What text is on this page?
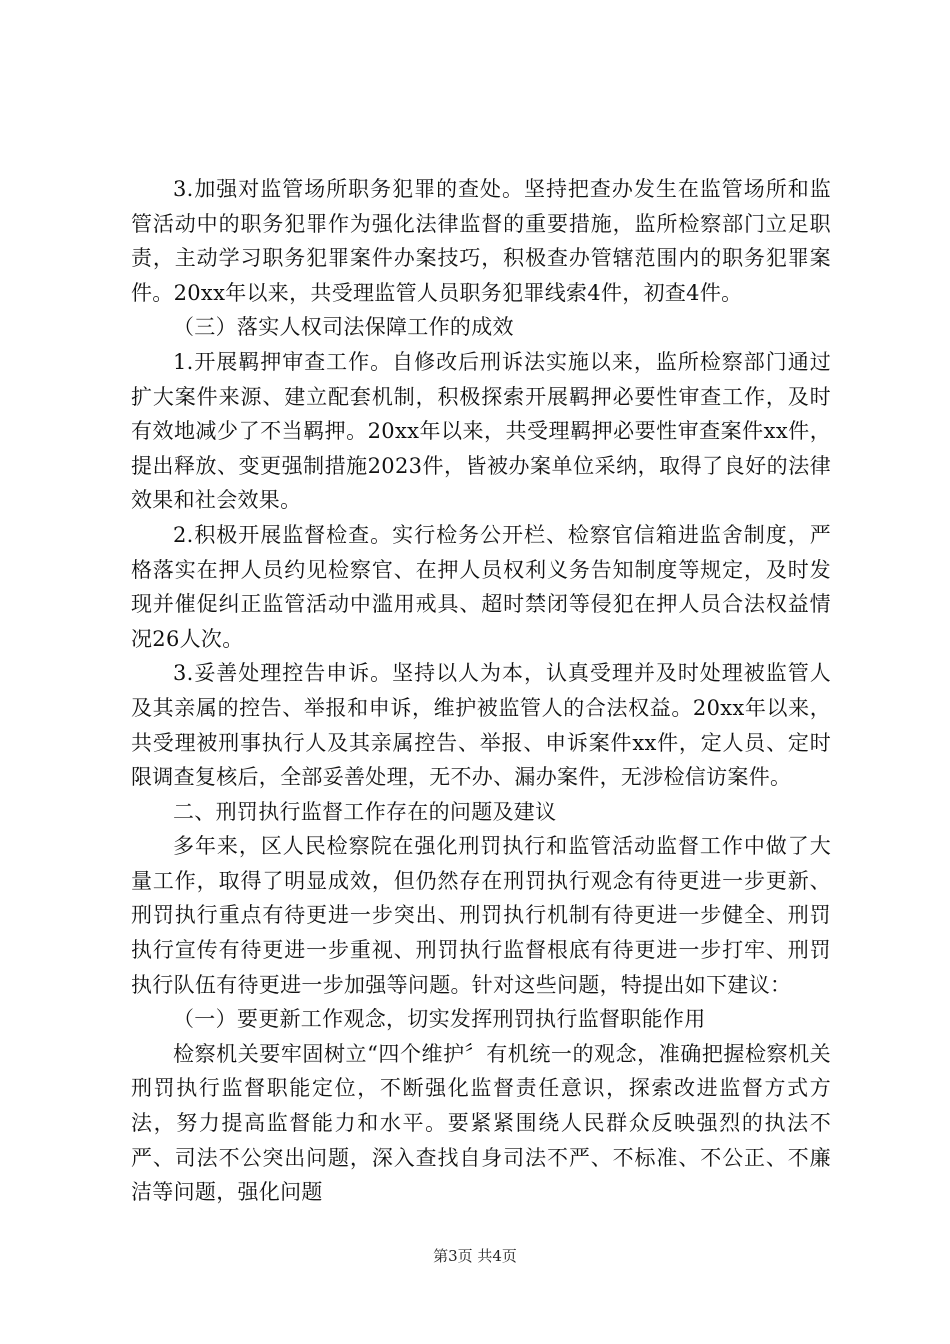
3.加强对监管场所职务犯罪的查处。坚持把查办发生在监管场所和监管活动中的职务犯罪作为强化法律监督的重要措施，监所检察部门立足职责，主动学习职务犯罪案件办案技巧，积极查办管辖范围内的职务犯罪案件。20xx年以来，共受理监管人员职务犯罪线索4件，初查4件。

（三）落实人权司法保障工作的成效

1.开展羁押审查工作。自修改后刑诉法实施以来，监所检察部门通过扩大案件来源、建立配套机制，积极探索开展羁押必要性审查工作，及时有效地减少了不当羁押。20xx年以来，共受理羁押必要性审查案件xx件，提出释放、变更强制措施2023件，皆被办案单位采纳，取得了良好的法律效果和社会效果。

2.积极开展监督检查。实行检务公开栏、检察官信箱进监舍制度，严格落实在押人员约见检察官、在押人员权利义务告知制度等规定，及时发现并催促纠正监管活动中滥用戒具、超时禁闭等侵犯在押人员合法权益情况26人次。

3.妥善处理控告申诉。坚持以人为本，认真受理并及时处理被监管人及其亲属的控告、举报和申诉，维护被监管人的合法权益。20xx年以来，共受理被刑事执行人及其亲属控告、举报、申诉案件xx件，定人员、定时限调查复核后，全部妥善处理，无不办、漏办案件，无涉检信访案件。

二、刑罚执行监督工作存在的问题及建议

多年来，区人民检察院在强化刑罚执行和监管活动监督工作中做了大量工作，取得了明显成效，但仍然存在刑罚执行观念有待更进一步更新、刑罚执行重点有待更进一步突出、刑罚执行机制有待更进一步健全、刑罚执行宣传有待更进一步重视、刑罚执行监督根底有待更进一步打牢、刑罚执行队伍有待更进一步加强等问题。针对这些问题，特提出如下建议：

（一）要更新工作观念，切实发挥刑罚执行监督职能作用

检察机关要牢固树立“四个维护〞有机统一的观念，准确把握检察机关刑罚执行监督职能定位，不断强化监督责任意识，探索改进监督方式方法，努力提高监督能力和水平。要紧紧围绕人民群众反映强烈的执法不严、司法不公突出问题，深入查找自身司法不严、不标准、不公正、不廉洁等问题，强化问题

第3页 共4页
